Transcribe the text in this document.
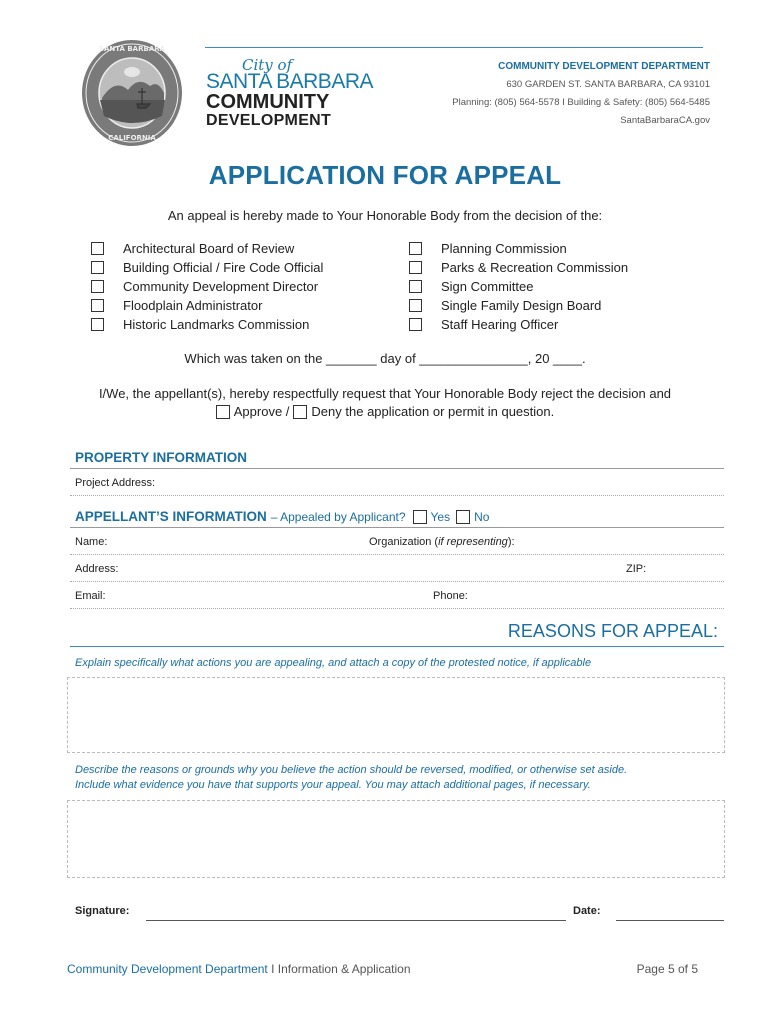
SANTA BARBARA
CALIFORNIA
City of
SANTA BARBARA
COMMUNITY
DEVELOPMENT
COMMUNITY DEVELOPMENT DEPARTMENT
630 GARDEN ST. SANTA BARBARA, CA 93101
Planning: (805) 564-5578 I Building & Safety: (805) 564-5485
SantaBarbaraCA.gov
APPLICATION FOR APPEAL
An appeal is hereby made to Your Honorable Body from the decision of the:
Architectural Board of Review
Building Official / Fire Code Official
Community Development Director
Floodplain Administrator
Historic Landmarks Commission
Planning Commission
Parks & Recreation Commission
Sign Committee
Single Family Design Board
Staff Hearing Officer
Which was taken on the _______ day of _______________, 20 ____.
I/We, the appellant(s), hereby respectfully request that Your Honorable Body reject the decision and
Approve / Deny the application or permit in question.
PROPERTY INFORMATION
Project Address:
APPELLANT’S INFORMATION – Appealed by Applicant? Yes No
Name:	Organization (if representing):
Address:	ZIP:
Email:	Phone:
REASONS FOR APPEAL:
Explain specifically what actions you are appealing, and attach a copy of the protested notice, if applicable
Describe the reasons or grounds why you believe the action should be reversed, modified, or otherwise set aside.
Include what evidence you have that supports your appeal. You may attach additional pages, if necessary.
Signature:	Date:
Community Development Department I Information & Application	Page 5 of 5
